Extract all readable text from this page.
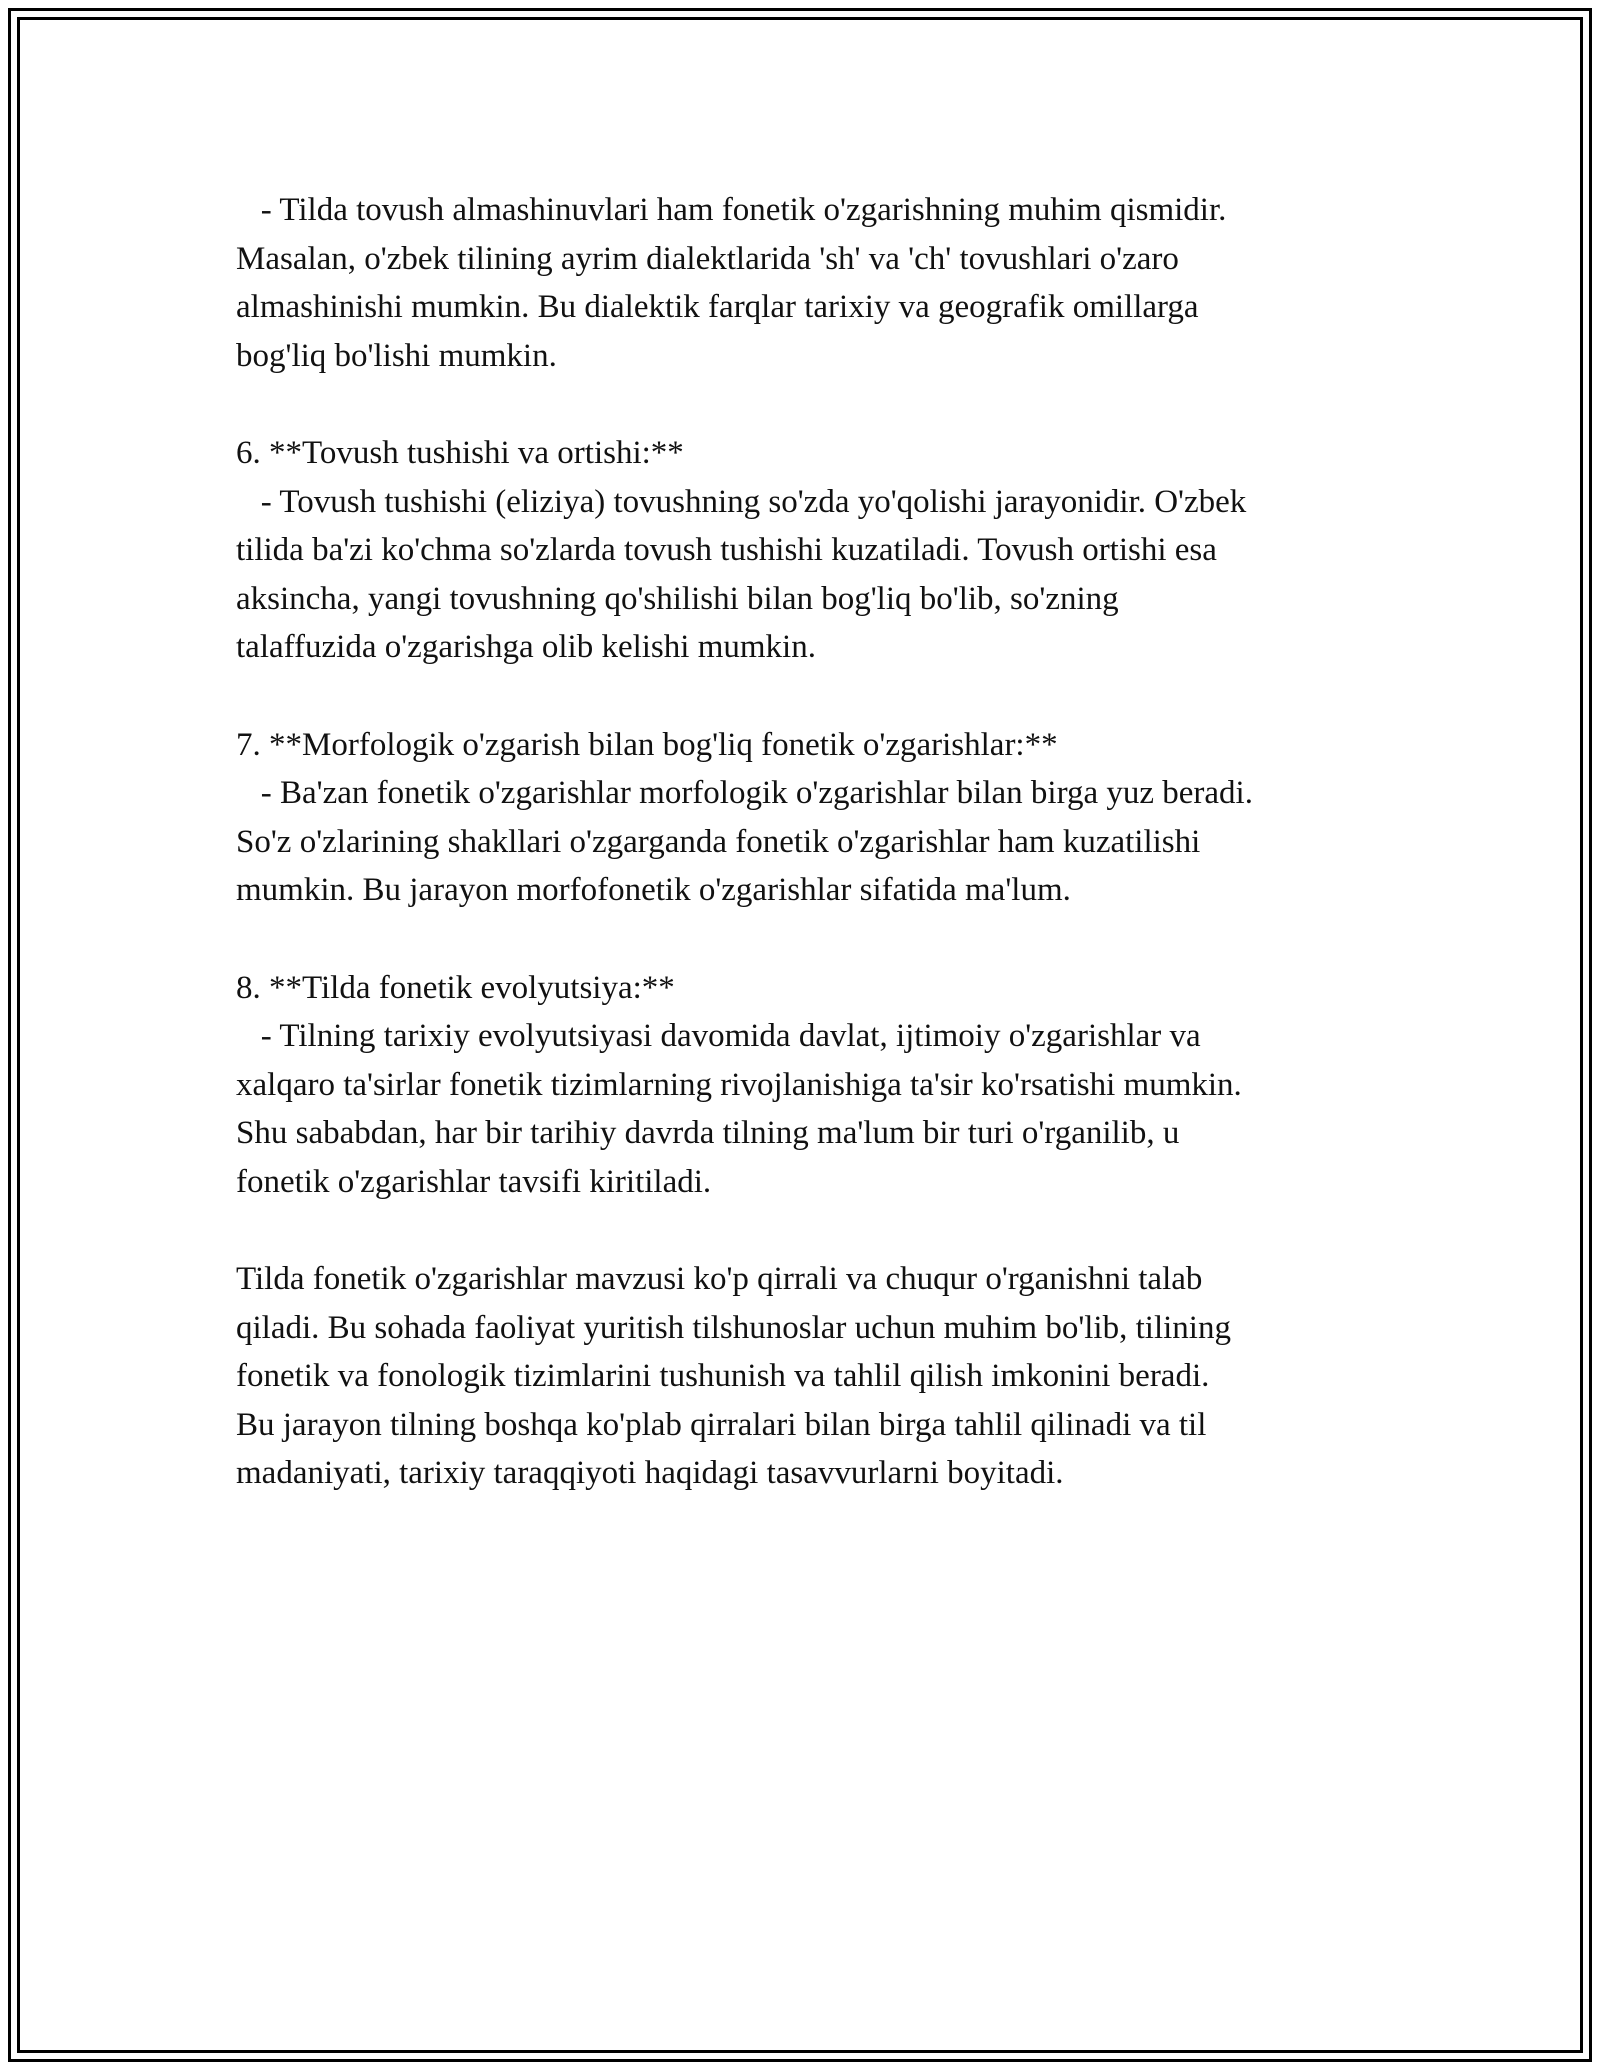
- Tilda tovush almashinuvlari ham fonetik o'zgarishning muhim qismidir.
Masalan, o'zbek tilining ayrim dialektlarida 'sh' va 'ch' tovushlari o'zaro
almashinishi mumkin. Bu dialektik farqlar tarixiy va geografik omillarga
bog'liq bo'lishi mumkin.
6. **Tovush tushishi va ortishi:**
- Tovush tushishi (eliziya) tovushning so'zda yo'qolishi jarayonidir. O'zbek
tilida ba'zi ko'chma so'zlarda tovush tushishi kuzatiladi. Tovush ortishi esa
aksincha, yangi tovushning qo'shilishi bilan bog'liq bo'lib, so'zning
talaffuzida o'zgarishga olib kelishi mumkin.
7. **Morfologik o'zgarish bilan bog'liq fonetik o'zgarishlar:**
- Ba'zan fonetik o'zgarishlar morfologik o'zgarishlar bilan birga yuz beradi.
So'z o'zlarining shakllari o'zgarganda fonetik o'zgarishlar ham kuzatilishi
mumkin. Bu jarayon morfofonetik o'zgarishlar sifatida ma'lum.
8. **Tilda fonetik evolyutsiya:**
- Tilning tarixiy evolyutsiyasi davomida davlat, ijtimoiy o'zgarishlar va
xalqaro ta'sirlar fonetik tizimlarning rivojlanishiga ta'sir ko'rsatishi mumkin.
Shu sababdan, har bir tarihiy davrda tilning ma'lum bir turi o'rganilib, u
fonetik o'zgarishlar tavsifi kiritiladi.
Tilda fonetik o'zgarishlar mavzusi ko'p qirrali va chuqur o'rganishni talab
qiladi. Bu sohada faoliyat yuritish tilshunoslar uchun muhim bo'lib, tilining
fonetik va fonologik tizimlarini tushunish va tahlil qilish imkonini beradi.
Bu jarayon tilning boshqa ko'plab qirralari bilan birga tahlil qilinadi va til
madaniyati, tarixiy taraqqiyoti haqidagi tasavvurlarni boyitadi.
